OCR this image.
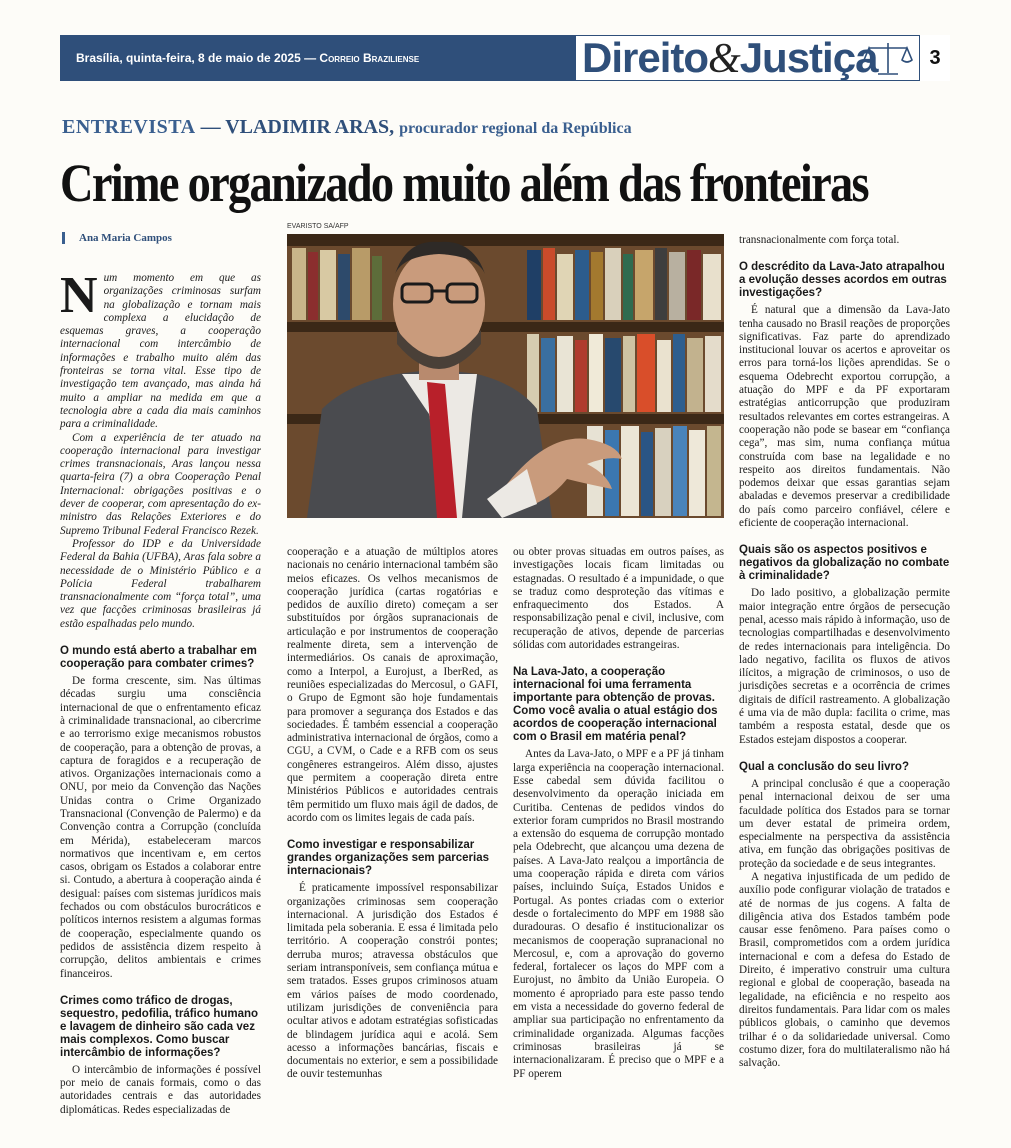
Brasília, quinta-feira, 8 de maio de 2025 — Correio Braziliense	Direito&Justiça	3
ENTREVISTA — VLADIMIR ARAS, procurador regional da República
Crime organizado muito além das fronteiras
Ana Maria Campos
EVARISTO SA/AFP

Num momento em que as organizações criminosas surfam na globalização e tornam mais complexa a elucidação de esquemas graves, a cooperação internacional com intercâmbio de informações e trabalho muito além das fronteiras se torna vital. Esse tipo de investigação tem avançado, mas ainda há muito a ampliar na medida em que a tecnologia abre a cada dia mais caminhos para a criminalidade.

Com a experiência de ter atuado na cooperação internacional para investigar crimes transnacionais, Aras lançou nessa quarta-feira (7) a obra Cooperação Penal Internacional: obrigações positivas e o dever de cooperar, com apresentação do ex-ministro das Relações Exteriores e do Supremo Tribunal Federal Francisco Rezek.

Professor do IDP e da Universidade Federal da Bahia (UFBA), Aras fala sobre a necessidade de o Ministério Público e a Polícia Federal trabalharem transnacionalmente com “força total”, uma vez que facções criminosas brasileiras já estão espalhadas pelo mundo.

O mundo está aberto a trabalhar em cooperação para combater crimes?

De forma crescente, sim. Nas últimas décadas surgiu uma consciência internacional de que o enfrentamento eficaz à criminalidade transnacional, ao cibercrime e ao terrorismo exige mecanismos robustos de cooperação, para a obtenção de provas, a captura de foragidos e a recuperação de ativos. Organizações internacionais como a ONU, por meio da Convenção das Nações Unidas contra o Crime Organizado Transnacional (Convenção de Palermo) e da Convenção contra a Corrupção (concluída em Mérida), estabeleceram marcos normativos que incentivam e, em certos casos, obrigam os Estados a colaborar entre si. Contudo, a abertura à cooperação ainda é desigual: países com sistemas jurídicos mais fechados ou com obstáculos burocráticos e políticos internos resistem a algumas formas de cooperação, especialmente quando os pedidos de assistência dizem respeito à corrupção, delitos ambientais e crimes financeiros.

Crimes como tráfico de drogas, sequestro, pedofilia, tráfico humano e lavagem de dinheiro são cada vez mais complexos. Como buscar intercâmbio de informações?

O intercâmbio de informações é possível por meio de canais formais, como o das autoridades centrais e das autoridades diplomáticas. Redes especializadas de

cooperação e a atuação de múltiplos atores nacionais no cenário internacional também são meios eficazes. Os velhos mecanismos de cooperação jurídica (cartas rogatórias e pedidos de auxílio direto) começam a ser substituídos por órgãos supranacionais de articulação e por instrumentos de cooperação realmente direta, sem a intervenção de intermediários. Os canais de aproximação, como a Interpol, a Eurojust, a IberRed, as reuniões especializadas do Mercosul, o GAFI, o Grupo de Egmont são hoje fundamentais para promover a segurança dos Estados e das sociedades. É também essencial a cooperação administrativa internacional de órgãos, como a CGU, a CVM, o Cade e a RFB com os seus congêneres estrangeiros. Além disso, ajustes que permitem a cooperação direta entre Ministérios Públicos e autoridades centrais têm permitido um fluxo mais ágil de dados, de acordo com os limites legais de cada país.

Como investigar e responsabilizar grandes organizações sem parcerias internacionais?

É praticamente impossível responsabilizar organizações criminosas sem cooperação internacional. A jurisdição dos Estados é limitada pela soberania. E essa é limitada pelo território. A cooperação constrói pontes; derruba muros; atravessa obstáculos que seriam intransponíveis, sem confiança mútua e sem tratados. Esses grupos criminosos atuam em vários países de modo coordenado, utilizam jurisdições de conveniência para ocultar ativos e adotam estratégias sofisticadas de blindagem jurídica aqui e acolá. Sem acesso a informações bancárias, fiscais e documentais no exterior, e sem a possibilidade de ouvir testemunhas

ou obter provas situadas em outros países, as investigações locais ficam limitadas ou estagnadas. O resultado é a impunidade, o que se traduz como desproteção das vítimas e enfraquecimento dos Estados. A responsabilização penal e civil, inclusive, com recuperação de ativos, depende de parcerias sólidas com autoridades estrangeiras.

Na Lava-Jato, a cooperação internacional foi uma ferramenta importante para obtenção de provas. Como você avalia o atual estágio dos acordos de cooperação internacional com o Brasil em matéria penal?

Antes da Lava-Jato, o MPF e a PF já tinham larga experiência na cooperação internacional. Esse cabedal sem dúvida facilitou o desenvolvimento da operação iniciada em Curitiba. Centenas de pedidos vindos do exterior foram cumpridos no Brasil mostrando a extensão do esquema de corrupção montado pela Odebrecht, que alcançou uma dezena de países. A Lava-Jato realçou a importância de uma cooperação rápida e direta com vários países, incluindo Suíça, Estados Unidos e Portugal. As pontes criadas com o exterior desde o fortalecimento do MPF em 1988 são duradouras. O desafio é institucionalizar os mecanismos de cooperação supranacional no Mercosul, e, com a aprovação do governo federal, fortalecer os laços do MPF com a Eurojust, no âmbito da União Europeia. O momento é apropriado para este passo tendo em vista a necessidade do governo federal de ampliar sua participação no enfrentamento da criminalidade organizada. Algumas facções criminosas brasileiras já se internacionalizaram. É preciso que o MPF e a PF operem

transnacionalmente com força total.

O descrédito da Lava-Jato atrapalhou a evolução desses acordos em outras investigações?

É natural que a dimensão da Lava-Jato tenha causado no Brasil reações de proporções significativas. Faz parte do aprendizado institucional louvar os acertos e aproveitar os erros para torná-los lições aprendidas. Se o esquema Odebrecht exportou corrupção, a atuação do MPF e da PF exportaram estratégias anticorrupção que produziram resultados relevantes em cortes estrangeiras. A cooperação não pode se basear em “confiança cega”, mas sim, numa confiança mútua construída com base na legalidade e no respeito aos direitos fundamentais. Não podemos deixar que essas garantias sejam abaladas e devemos preservar a credibilidade do país como parceiro confiável, célere e eficiente de cooperação internacional.

Quais são os aspectos positivos e negativos da globalização no combate à criminalidade?

Do lado positivo, a globalização permite maior integração entre órgãos de persecução penal, acesso mais rápido à informação, uso de tecnologias compartilhadas e desenvolvimento de redes internacionais para inteligência. Do lado negativo, facilita os fluxos de ativos ilícitos, a migração de criminosos, o uso de jurisdições secretas e a ocorrência de crimes digitais de difícil rastreamento. A globalização é uma via de mão dupla: facilita o crime, mas também a resposta estatal, desde que os Estados estejam dispostos a cooperar.

Qual a conclusão do seu livro?

A principal conclusão é que a cooperação penal internacional deixou de ser uma faculdade política dos Estados para se tornar um dever estatal de primeira ordem, especialmente na perspectiva da assistência ativa, em função das obrigações positivas de proteção da sociedade e de seus integrantes.

A negativa injustificada de um pedido de auxílio pode configurar violação de tratados e até de normas de jus cogens. A falta de diligência ativa dos Estados também pode causar esse fenômeno. Para países como o Brasil, comprometidos com a ordem jurídica internacional e com a defesa do Estado de Direito, é imperativo construir uma cultura regional e global de cooperação, baseada na legalidade, na eficiência e no respeito aos direitos fundamentais. Para lidar com os males públicos globais, o caminho que devemos trilhar é o da solidariedade universal. Como costumo dizer, fora do multilateralismo não há salvação.
